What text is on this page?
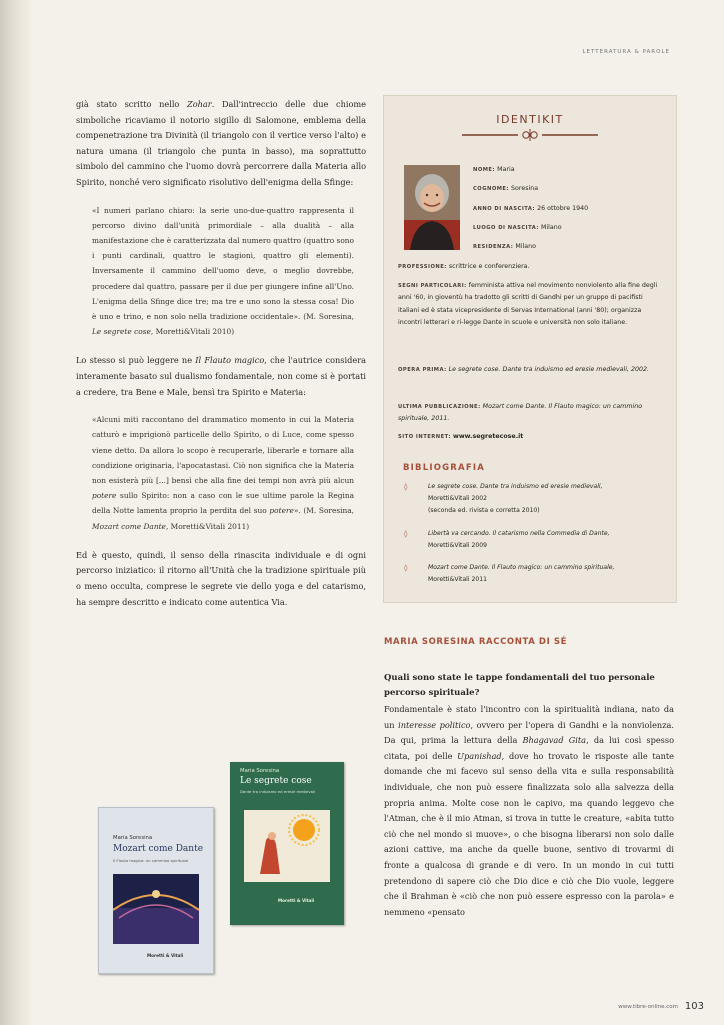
LETTERATURA & PAROLE

già stato scritto nello Zohar. Dall'intreccio delle due chiome simboliche ricaviamo il notorio sigillo di Salomone, emblema della compenetrazione tra Divinità (il triangolo con il vertice verso l'alto) e natura umana (il triangolo che punta in basso), ma soprattutto simbolo del cammino che l'uomo dovrà percorrere dalla Materia allo Spirito, nonché vero significato risolutivo dell'enigma della Sfinge:

«I numeri parlano chiaro: la serie uno-due-quattro rappresenta il percorso divino dall'unità primordiale – alla dualità – alla manifestazione che è caratterizzata dal numero quattro (quattro sono i punti cardinali, quattro le stagioni, quattro gli elementi). Inversamente il cammino dell'uomo deve, o meglio dovrebbe, procedere dal quattro, passare per il due per giungere infine all'Uno. L'enigma della Sfinge dice tre; ma tre e uno sono la stessa cosa! Dio è uno e trino, e non solo nella tradizione occidentale». (M. Soresina, Le segrete cose, Moretti&Vitali 2010)

Lo stesso si può leggere ne Il Flauto magico, che l'autrice considera interamente basato sul dualismo fondamentale, non come si è portati a credere, tra Bene e Male, bensì tra Spirito e Materia:

«Alcuni miti raccontano del drammatico momento in cui la Materia catturò e imprigionò particelle dello Spirito, o di Luce, come spesso viene detto. Da allora lo scopo è recuperarle, liberarle e tornare alla condizione originaria, l'apocatastasi. Ciò non significa che la Materia non esisterà più [...] bensì che alla fine dei tempi non avrà più alcun potere sullo Spirito: non a caso con le sue ultime parole la Regina della Notte lamenta proprio la perdita del suo potere». (M. Soresina, Mozart come Dante, Moretti&Vitali 2011)

Ed è questo, quindi, il senso della rinascita individuale e di ogni percorso iniziatico: il ritorno all'Unità che la tradizione spirituale più o meno occulta, comprese le segrete vie dello yoga e del catarismo, ha sempre descritto e indicato come autentica Via.

IDENTIKIT
NOME: Maria
COGNOME: Soresina
ANNO DI NASCITA: 26 ottobre 1940
LUOGO DI NASCITA: Milano
RESIDENZA: Milano
PROFESSIONE: scrittrice e conferenziera.

SEGNI PARTICOLARI: femminista attiva nel movimento nonviolento alla fine degli anni '60, in gioventù ha tradotto gli scritti di Gandhi per un gruppo di pacifisti italiani ed è stata vicepresidente di Servas International (anni '80); organizza incontri letterari e ri-legge Dante in scuole e università non solo italiane.

OPERA PRIMA: Le segrete cose. Dante tra induismo ed eresie medievali, 2002.

ULTIMA PUBBLICAZIONE: Mozart come Dante. Il Flauto magico: un cammino spirituale, 2011.

SITO INTERNET: www.segretecose.it

BIBLIOGRAFIA
◊	Le segrete cose. Dante tra induismo ed eresie medievali,
Moretti&Vitali 2002
(seconda ed. rivista e corretta 2010)
◊	Libertà va cercando. Il catarismo nella Commedia di Dante,
Moretti&Vitali 2009
◊	Mozart come Dante. Il Flauto magico: un cammino spirituale,
Moretti&Vitali 2011
MARIA SORESINA RACCONTA DI SÉ

Quali sono state le tappe fondamentali del tuo personale percorso spirituale?

Fondamentale è stato l'incontro con la spiritualità indiana, nato da un interesse politico, ovvero per l'opera di Gandhi e la nonviolenza. Da qui, prima la lettura della Bhagavad Gita, da lui così spesso citata, poi delle Upanishad, dove ho trovato le risposte alle tante domande che mi facevo sul senso della vita e sulla responsabilità individuale, che non può essere finalizzata solo alla salvezza della propria anima. Molte cose non le capivo, ma quando leggevo che l'Atman, che è il mio Atman, si trova in tutte le creature, «abita tutto ciò che nel mondo si muove», o che bisogna liberarsi non solo dalle azioni cattive, ma anche da quelle buone, sentivo di trovarmi di fronte a qualcosa di grande e di vero. In un mondo in cui tutti pretendono di sapere ciò che Dio dice e ciò che Dio vuole, leggere che il Brahman è «ciò che non può essere espresso con la parola» e nemmeno «pensato

Maria Soresina
Mozart come Dante
Il Flauto magico: un cammino spirituale
Moretti & Vitali
Maria Soresina
Le segrete cose
Dante tra induismo ed eresie medievali
Moretti & Vitali
www.tibre-online.com 103
